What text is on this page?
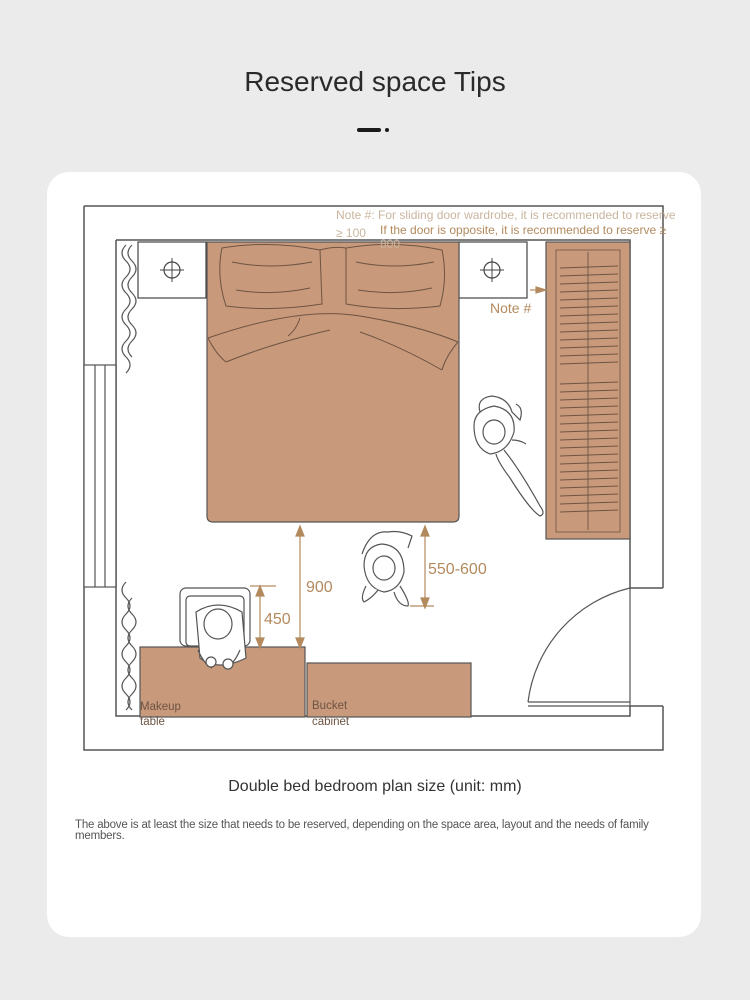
Reserved space Tips
900
450
550-600
Note #
Note #: For sliding door wardrobe, it is recommended to reserve
≥ 100 If the door is opposite, it is recommended to reserve ≥
800
Makeup
table
Bucket
cabinet
Double bed bedroom plan size (unit: mm)
The above is at least the size that needs to be reserved, depending on the space area, layout and the needs of family members.
